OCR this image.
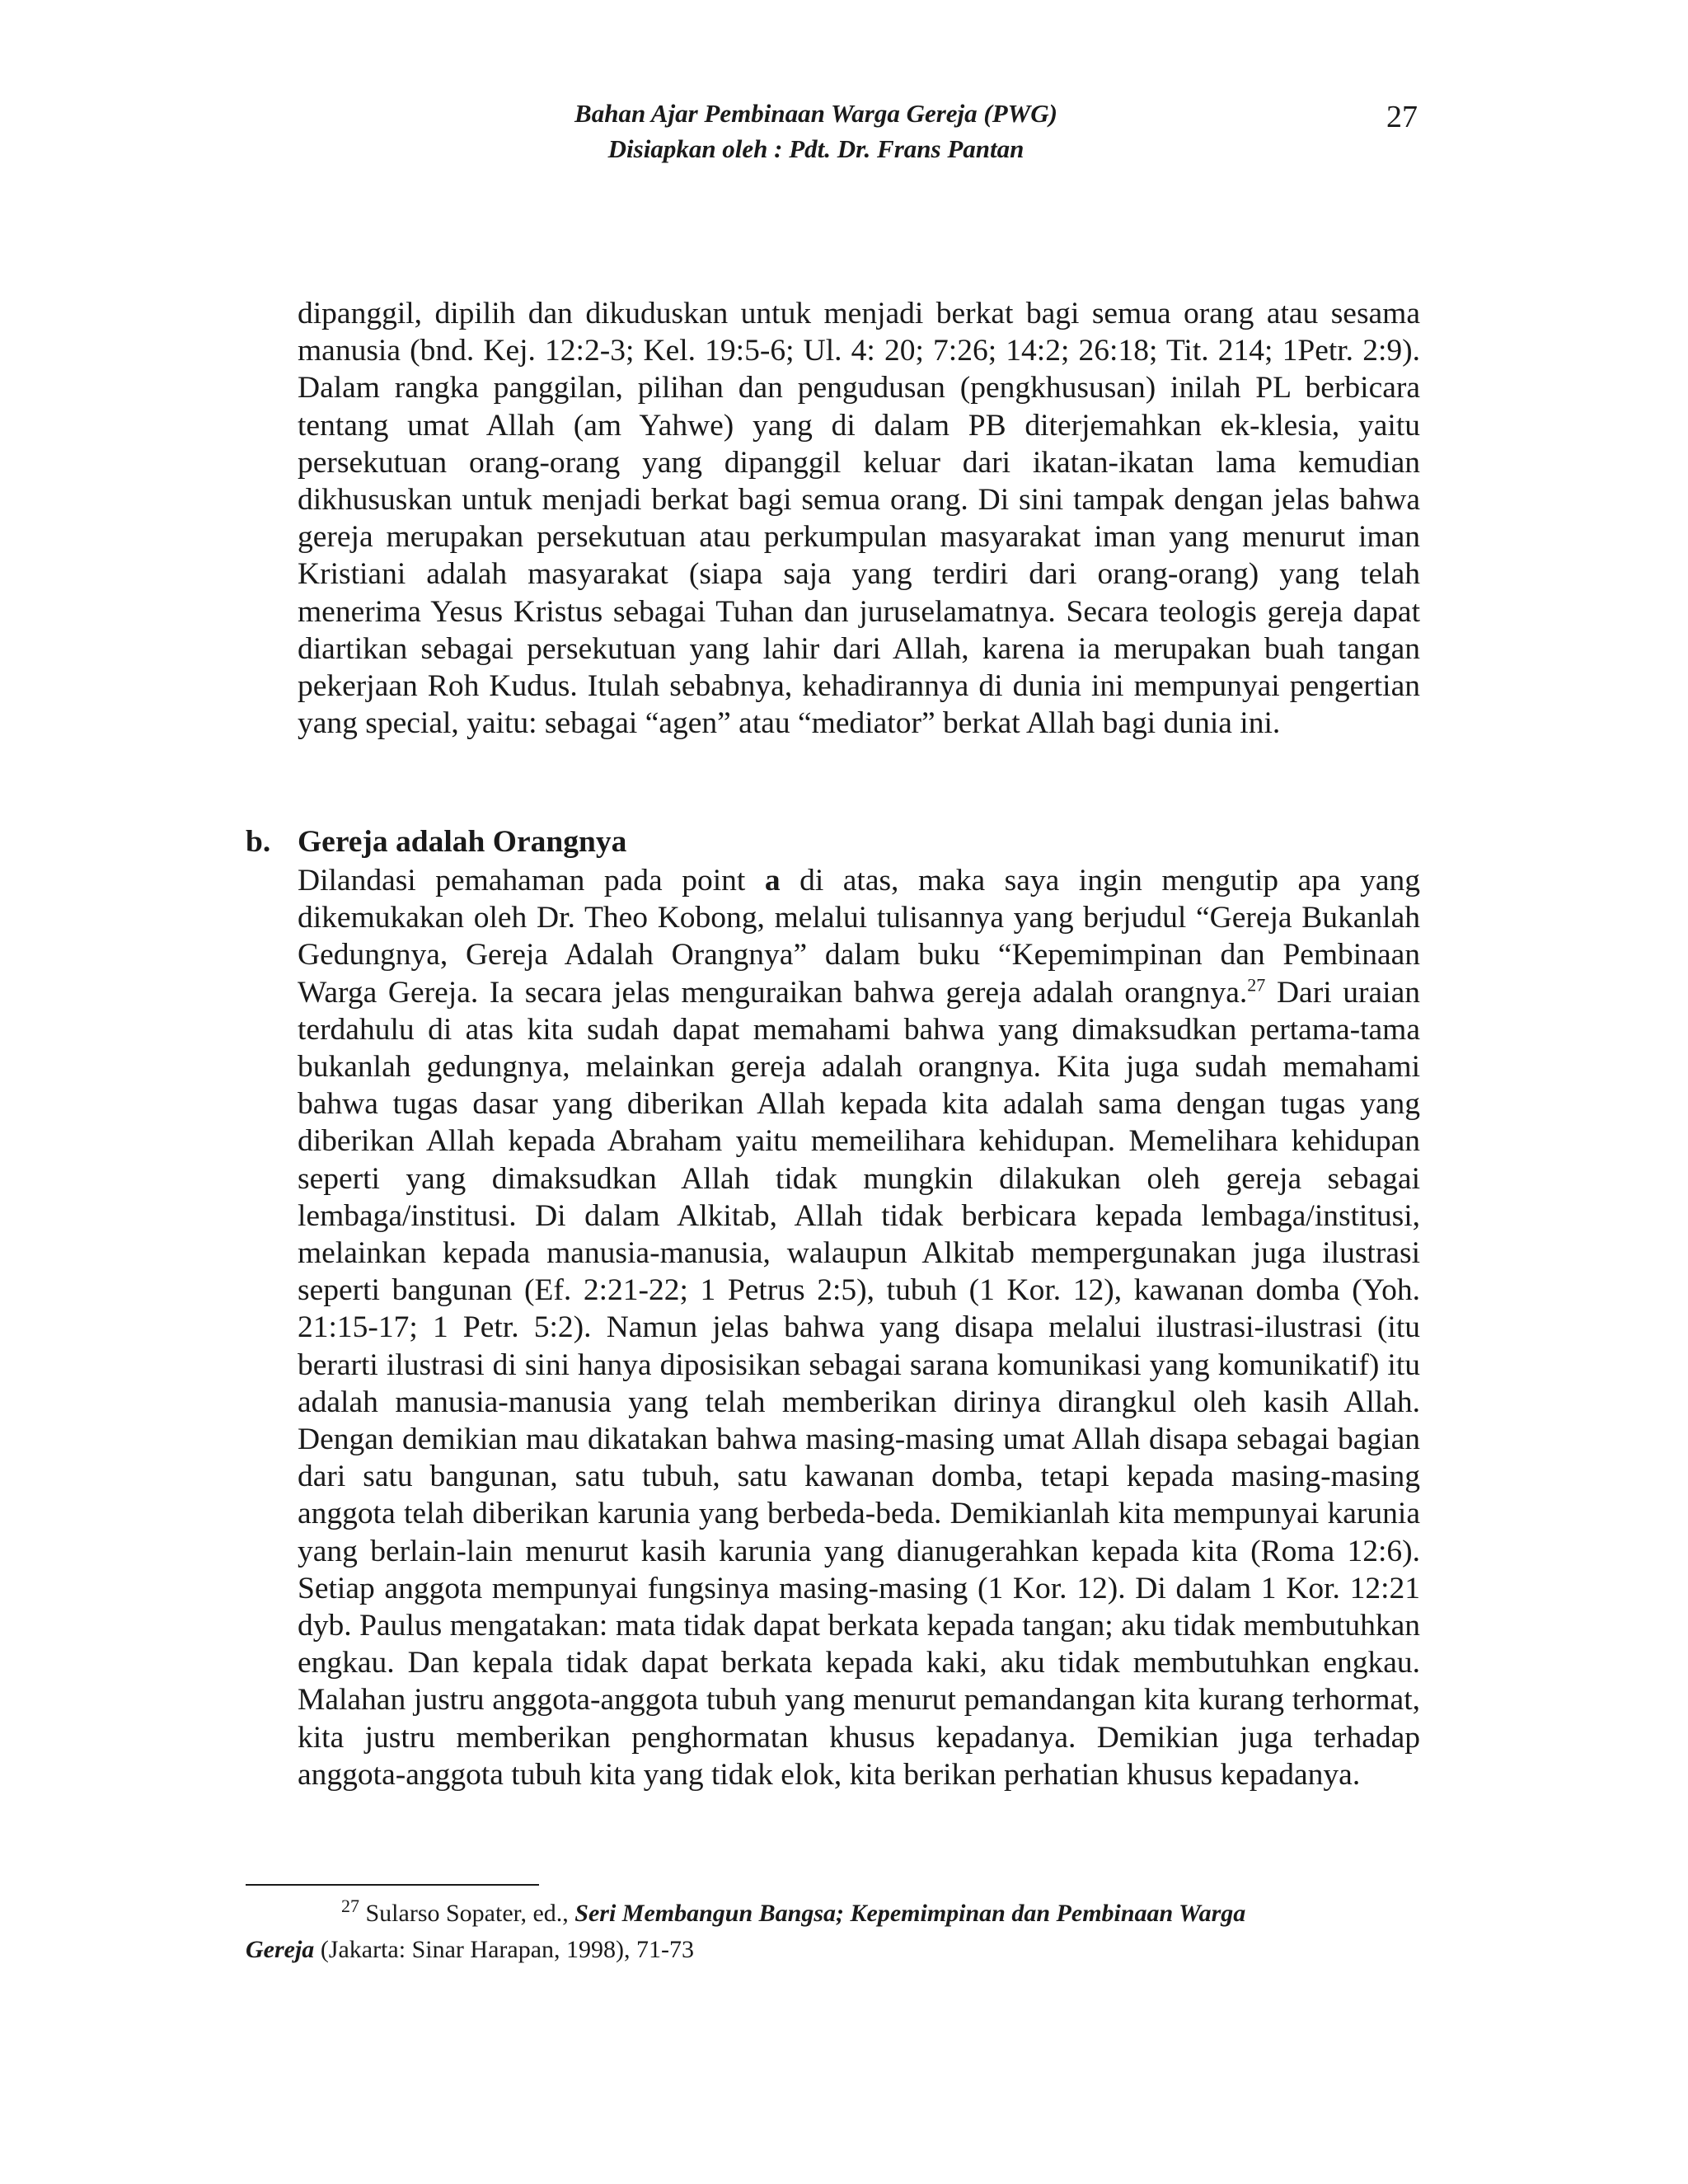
Bahan Ajar Pembinaan Warga Gereja (PWG)
Disiapkan oleh : Pdt. Dr. Frans Pantan
27

dipanggil, dipilih dan dikuduskan untuk menjadi berkat bagi semua orang atau sesama manusia (bnd. Kej. 12:2-3; Kel. 19:5-6; Ul. 4: 20; 7:26; 14:2; 26:18; Tit. 214; 1Petr. 2:9). Dalam rangka panggilan, pilihan dan pengudusan (pengkhususan) inilah PL berbicara tentang umat Allah (am Yahwe) yang di dalam PB diterjemahkan ek-klesia, yaitu persekutuan orang-orang yang dipanggil keluar dari ikatan-ikatan lama kemudian dikhususkan untuk menjadi berkat bagi semua orang. Di sini tampak dengan jelas bahwa gereja merupakan persekutuan atau perkumpulan masyarakat iman yang menurut iman Kristiani adalah masyarakat (siapa saja yang terdiri dari orang-orang) yang telah menerima Yesus Kristus sebagai Tuhan dan juruselamatnya. Secara teologis gereja dapat diartikan sebagai persekutuan yang lahir dari Allah, karena ia merupakan buah tangan pekerjaan Roh Kudus. Itulah sebabnya, kehadirannya di dunia ini mempunyai pengertian yang special, yaitu: sebagai “agen” atau “mediator” berkat Allah bagi dunia ini.

b. Gereja adalah Orangnya

Dilandasi pemahaman pada point a di atas, maka saya ingin mengutip apa yang dikemukakan oleh Dr. Theo Kobong, melalui tulisannya yang berjudul “Gereja Bukanlah Gedungnya, Gereja Adalah Orangnya” dalam buku “Kepemimpinan dan Pembinaan Warga Gereja. Ia secara jelas menguraikan bahwa gereja adalah orangnya.$^{27}$ Dari uraian terdahulu di atas kita sudah dapat memahami bahwa yang dimaksudkan pertama-tama bukanlah gedungnya, melainkan gereja adalah orangnya. Kita juga sudah memahami bahwa tugas dasar yang diberikan Allah kepada kita adalah sama dengan tugas yang diberikan Allah kepada Abraham yaitu memeilihara kehidupan. Memelihara kehidupan seperti yang dimaksudkan Allah tidak mungkin dilakukan oleh gereja sebagai lembaga/institusi. Di dalam Alkitab, Allah tidak berbicara kepada lembaga/institusi, melainkan kepada manusia-manusia, walaupun Alkitab mempergunakan juga ilustrasi seperti bangunan (Ef. 2:21-22; 1 Petrus 2:5), tubuh (1 Kor. 12), kawanan domba (Yoh. 21:15-17; 1 Petr. 5:2). Namun jelas bahwa yang disapa melalui ilustrasi-ilustrasi (itu berarti ilustrasi di sini hanya diposisikan sebagai sarana komunikasi yang komunikatif) itu adalah manusia-manusia yang telah memberikan dirinya dirangkul oleh kasih Allah. Dengan demikian mau dikatakan bahwa masing-masing umat Allah disapa sebagai bagian dari satu bangunan, satu tubuh, satu kawanan domba, tetapi kepada masing-masing anggota telah diberikan karunia yang berbeda-beda. Demikianlah kita mempunyai karunia yang berlain-lain menurut kasih karunia yang dianugerahkan kepada kita (Roma 12:6). Setiap anggota mempunyai fungsinya masing-masing (1 Kor. 12). Di dalam 1 Kor. 12:21 dyb. Paulus mengatakan: mata tidak dapat berkata kepada tangan; aku tidak membutuhkan engkau. Dan kepala tidak dapat berkata kepada kaki, aku tidak membutuhkan engkau. Malahan justru anggota-anggota tubuh yang menurut pemandangan kita kurang terhormat, kita justru memberikan penghormatan khusus kepadanya. Demikian juga terhadap anggota-anggota tubuh kita yang tidak elok, kita berikan perhatian khusus kepadanya.

$^{27}$ Sularso Sopater, ed., Seri Membangun Bangsa; Kepemimpinan dan Pembinaan Warga
Gereja (Jakarta: Sinar Harapan, 1998), 71-73
